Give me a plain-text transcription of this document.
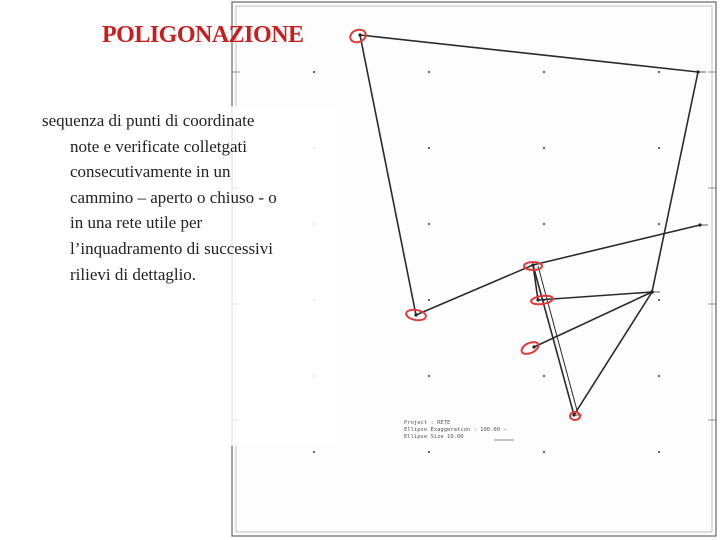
POLIGONAZIONE
Project : RETE
Ellipse Exaggeration : 100.00 —
Ellipse Size 10.00
sequenza di punti di coordinate
note e verificate colletgati
consecutivamente in un
cammino – aperto o chiuso - o
in una rete utile per
l’inquadramento di successivi
rilievi di dettaglio.
